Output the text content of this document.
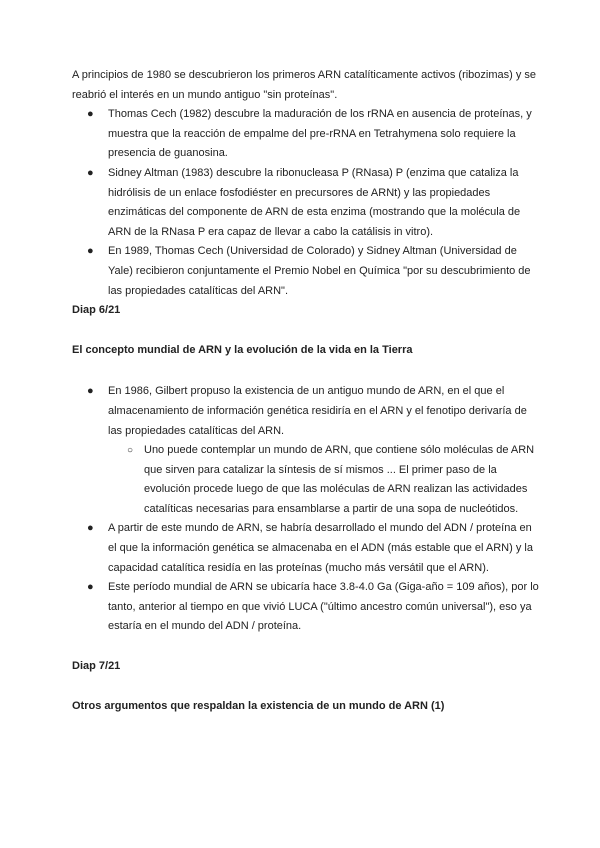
A principios de 1980 se descubrieron los primeros ARN catalíticamente activos (ribozimas) y se reabrió el interés en un mundo antiguo "sin proteínas".

● Thomas Cech (1982) descubre la maduración de los rRNA en ausencia de proteínas, y muestra que la reacción de empalme del pre-rRNA en Tetrahymena solo requiere la presencia de guanosina.
● Sidney Altman (1983) descubre la ribonucleasa P (RNasa) P (enzima que cataliza la hidrólisis de un enlace fosfodiéster en precursores de ARNt) y las propiedades enzimáticas del componente de ARN de esta enzima (mostrando que la molécula de ARN de la RNasa P era capaz de llevar a cabo la catálisis in vitro).
● En 1989, Thomas Cech (Universidad de Colorado) y Sidney Altman (Universidad de Yale) recibieron conjuntamente el Premio Nobel en Química "por su descubrimiento de las propiedades catalíticas del ARN".

Diap 6/21

El concepto mundial de ARN y la evolución de la vida en la Tierra

● En 1986, Gilbert propuso la existencia de un antiguo mundo de ARN, en el que el almacenamiento de información genética residiría en el ARN y el fenotipo derivaría de las propiedades catalíticas del ARN.
○ Uno puede contemplar un mundo de ARN, que contiene sólo moléculas de ARN que sirven para catalizar la síntesis de sí mismos ... El primer paso de la evolución procede luego de que las moléculas de ARN realizan las actividades catalíticas necesarias para ensamblarse a partir de una sopa de nucleótidos.
● A partir de este mundo de ARN, se habría desarrollado el mundo del ADN / proteína en el que la información genética se almacenaba en el ADN (más estable que el ARN) y la capacidad catalítica residía en las proteínas (mucho más versátil que el ARN).
● Este período mundial de ARN se ubicaría hace 3.8-4.0 Ga (Giga-año = 109 años), por lo tanto, anterior al tiempo en que vivió LUCA ("último ancestro común universal"), eso ya estaría en el mundo del ADN / proteína.

Diap 7/21

Otros argumentos que respaldan la existencia de un mundo de ARN (1)
